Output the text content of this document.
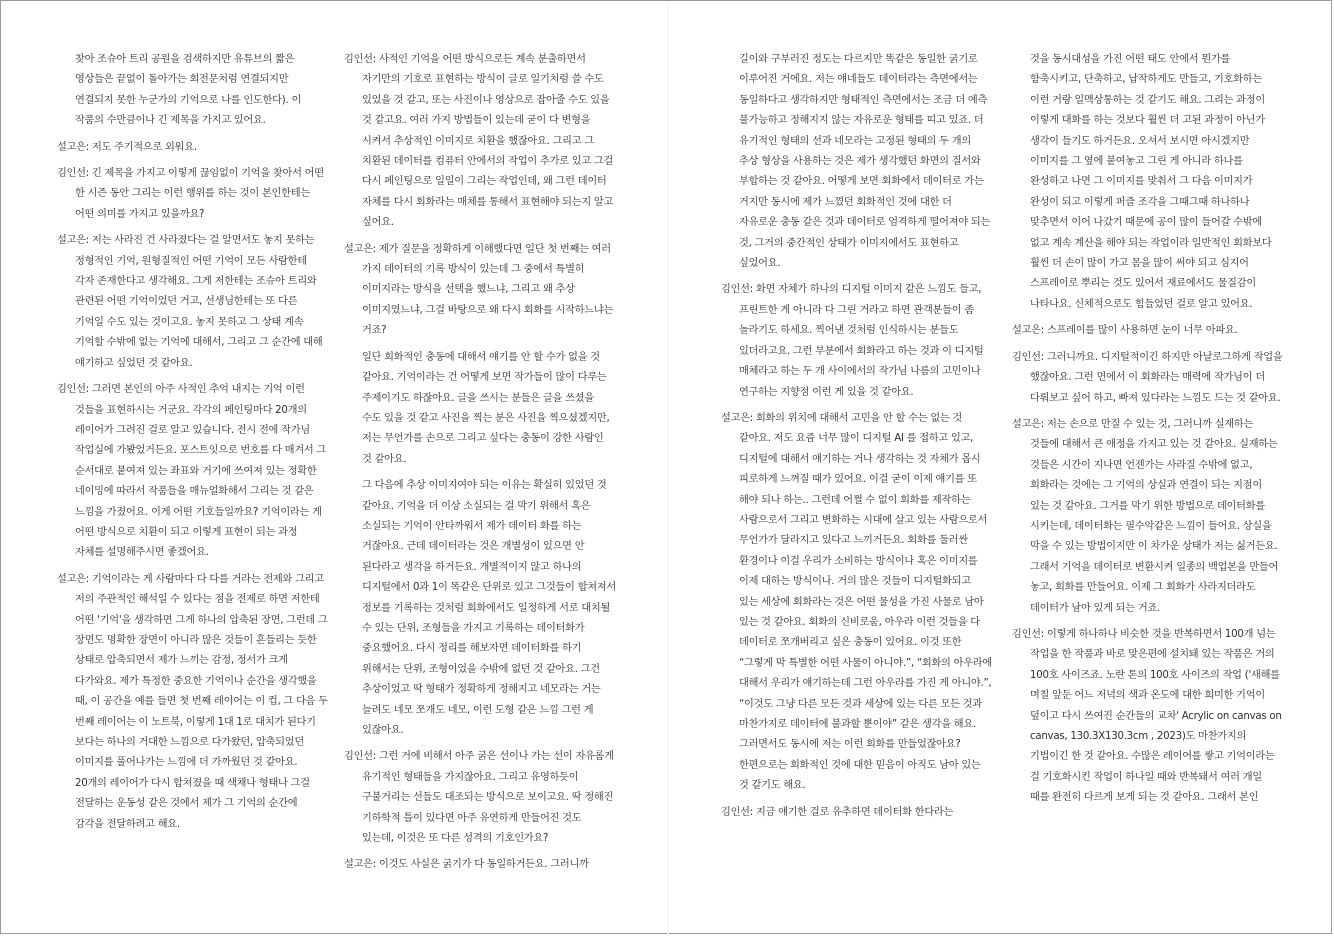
찾아 조슈아 트리 공원을 검색하지만 유튜브의 짧은 영상들은 끝없이 돌아가는 회전문처럼 연결되지만 연결되지 못한 누군가의 기억으로 나를 인도한다). 이 작품의 수만큼이나 긴 제목을 가지고 있어요.

설고은: 저도 주기적으로 외워요.

김인선: 긴 제목을 가지고 이렇게 끊임없이 기억을 찾아서 어떤 한 시즌 동안 그리는 이런 행위를 하는 것이 본인한테는 어떤 의미를 가지고 있을까요?

설고은: 저는 사라진 건 사라졌다는 걸 알면서도 놓지 못하는 정형적인 기억, 원형질적인 어떤 기억이 모든 사람한테 각자 존재한다고 생각해요. 그게 저한테는 조슈아 트리와 관련된 어떤 기억이었던 거고, 선생님한테는 또 다른 기억일 수도 있는 것이고요. 놓지 못하고 그 상태 계속 기억할 수밖에 없는 기억에 대해서, 그리고 그 순간에 대해 얘기하고 싶었던 것 같아요.

김인선: 그러면 본인의 아주 사적인 추억 내지는 기억 이런 것들을 표현하시는 거군요. 각각의 페인팅마다 20개의 레이어가 그려진 걸로 알고 있습니다. 전시 전에 작가님 작업실에 가봤었거든요. 포스트잇으로 번호를 다 매겨서 그 순서대로 붙여져 있는 좌표와 거기에 쓰여져 있는 정확한 네이밍에 따라서 작품들을 매뉴얼화해서 그리는 것 같은 느낌을 가졌어요. 이게 어떤 기호들일까요? 기억이라는 게 어떤 방식으로 치환이 되고 이렇게 표현이 되는 과정 자체를 설명해주시면 좋겠어요.

설고은: 기억이라는 게 사람마다 다 다를 거라는 전제와 그리고 저의 주관적인 해석일 수 있다는 점을 전제로 하면 저한테 어떤 '기억'을 생각하면 그게 하나의 압축된 장면, 그런데 그 장면도 명확한 장면이 아니라 많은 것들이 흔들리는 듯한 상태로 압축되면서 제가 느끼는 감정, 정서가 크게 다가와요. 제가 특정한 중요한 기억이나 순간을 생각했을 때, 이 공간을 예를 들면 첫 번째 레이어는 이 컵, 그 다음 두 번째 레이어는 이 노트북, 이렇게 1대 1로 대치가 된다기 보다는 하나의 거대한 느낌으로 다가왔던, 압축되었던 이미지를 풀어나가는 느낌에 더 가까웠던 것 같아요. 20개의 레이어가 다시 합쳐졌을 때 색채나 형태나 그걸 전달하는 운동성 같은 것에서 제가 그 기억의 순간에 감각을 전달하려고 해요.

김인선: 사적인 기억을 어떤 방식으로든 계속 분출하면서 자기만의 기호로 표현하는 방식이 글로 일기처럼 쓸 수도 있었을 것 같고, 또는 사진이나 영상으로 잡아줄 수도 있을 것 같고요. 여러 가지 방법들이 있는데 굳이 다 변형을 시켜서 추상적인 이미지로 치환을 했잖아요. 그리고 그 치환된 데이터를 컴퓨터 안에서의 작업이 추가로 있고 그걸 다시 페인팅으로 일일이 그리는 작업인데, 왜 그런 데이터 자체를 다시 회화라는 매체를 통해서 표현해야 되는지 알고 싶어요.

설고은: 제가 질문을 정확하게 이해했다면 일단 첫 번째는 여러 가지 데이터의 기록 방식이 있는데 그 중에서 특별히 이미지라는 방식을 선택을 했느냐, 그리고 왜 추상 이미지였느냐, 그걸 바탕으로 왜 다시 회화를 시작하느냐는 거죠?

일단 회화적인 충동에 대해서 얘기를 안 할 수가 없을 것 같아요. 기억이라는 건 어떻게 보면 작가들이 많이 다루는 주제이기도 하잖아요. 글을 쓰시는 분들은 글을 쓰셨을 수도 있을 것 같고 사진을 찍는 분은 사진을 찍으셨겠지만, 저는 무언가를 손으로 그리고 싶다는 충동이 강한 사람인 것 같아요.

그 다음에 추상 이미지여야 되는 이유는 확실히 있었던 것 같아요. 기억을 더 이상 소실되는 걸 막기 위해서 혹은 소실되는 기억이 안타까워서 제가 데이터 화를 하는 거잖아요. 근데 데이터라는 것은 개별성이 있으면 안 된다라고 생각을 하거든요. 개별적이지 않고 하나의 디지털에서 0과 1이 똑같은 단위로 있고 그것들이 합쳐져서 정보를 기록하는 것처럼 회화에서도 일정하게 서로 대치될 수 있는 단위, 조형들을 가지고 기록하는 데이터화가 중요했어요. 다시 정리를 해보자면 데이터화를 하기 위해서는 단위, 조형이었을 수밖에 없던 것 같아요. 그건 추상이었고 딱 형태가 정확하게 정해지고 네모라는 거는 늘려도 네모 쪼개도 네모, 이런 도형 같은 느낌 그런 게 있잖아요.

김인선: 그런 거에 비해서 아주 굵은 선이나 가는 선이 자유롭게 유기적인 형태들을 가지잖아요. 그리고 유영하듯이 구불거리는 선들도 대조되는 방식으로 보이고요. 딱 정해진 기하학적 틀이 있다면 아주 유연하게 만들어진 것도 있는데, 이것은 또 다른 성격의 기호인가요?

설고은: 이것도 사실은 굵기가 다 동일하거든요. 그러니까

길이와 구부러진 정도는 다르지만 똑같은 동일한 굵기로 이루어진 거에요. 저는 얘네들도 데이터라는 측면에서는 동일하다고 생각하지만 형태적인 측면에서는 조금 더 예측 불가능하고 정해지지 않는 자유로운 형태를 띠고 있죠. 더 유기적인 형태의 선과 네모라는 고정된 형태의 두 개의 추상 형상을 사용하는 것은 제가 생각했던 화면의 질서와 부합하는 것 같아요. 어떻게 보면 회화에서 데이터로 가는 거지만 동시에 제가 느꼈던 회화적인 것에 대한 더 자유로운 충동 같은 것과 데이터로 엄격하게 떨어져야 되는 것, 그거의 중간적인 상태가 이미지에서도 표현하고 싶었어요.

김인선: 화면 자체가 하나의 디지털 이미지 같은 느낌도 들고, 프린트한 게 아니라 다 그린 거라고 하면 관객분들이 좀 놀라기도 하세요. 찍어낸 것처럼 인식하시는 분들도 있더라고요. 그런 부분에서 회화라고 하는 것과 이 디지털 매체라고 하는 두 개 사이에서의 작가님 나름의 고민이나 연구하는 지향점 이런 게 있을 것 같아요.

설고은: 회화의 위치에 대해서 고민을 안 할 수는 없는 것 같아요. 저도 요즘 너무 많이 디지털 AI 를 접하고 있고, 디지털에 대해서 얘기하는 거나 생각하는 것 자체가 몹시 피로하게 느껴질 때가 있어요. 이걸 굳이 이제 얘기를 또 해야 되나 하는.. 그런데 어쩔 수 없이 회화를 제작하는 사람으로서 그리고 변화하는 시대에 살고 있는 사람으로서 무언가가 달라지고 있다고 느끼거든요. 회화를 둘러싼 환경이나 이걸 우리가 소비하는 방식이나 혹은 이미지를 이제 대하는 방식이나. 거의 많은 것들이 디지털화되고 있는 세상에 회화라는 것은 어떤 물성을 가진 사물로 남아 있는 것 같아요. 회화의 신비로움, 아우라 이런 것들을 다 데이터로 쪼개버리고 싶은 충동이 있어요. 이것 또한 “그렇게 막 특별한 어떤 사물이 아니야.”, “회화의 아우라에 대해서 우리가 얘기하는데 그런 아우라를 가진 게 아니야.”, “이것도 그냥 다른 모든 것과 세상에 있는 다른 모든 것과 마찬가지로 데이터에 불과할 뿐이야” 같은 생각을 해요. 그러면서도 동시에 저는 이런 회화를 만들었잖아요? 한편으로는 회화적인 것에 대한 믿음이 아직도 남아 있는 것 같기도 해요.

김인선: 지금 얘기한 걸로 유추하면 데이터화 한다라는

것을 동시대성을 가진 어떤 태도 안에서 뭔가를 함축시키고, 단축하고, 납작하게도 만들고, 기호화하는 이런 거랑 일맥상통하는 것 같기도 해요. 그리는 과정이 이렇게 대화를 하는 것보다 훨씬 더 고된 과정이 아닌가 생각이 들기도 하거든요. 오셔서 보시면 아시겠지만 이미지를 그 옆에 붙여놓고 그린 게 아니라 하나를 완성하고 나면 그 이미지를 맞춰서 그 다음 이미지가 완성이 되고 이렇게 퍼즐 조각을 그때그때 하나하나 맞추면서 이어 나갔기 때문에 공이 많이 들어갈 수밖에 없고 계속 계산을 해야 되는 작업이라 일반적인 회화보다 훨씬 더 손이 많이 가고 몸을 많이 써야 되고 심지어 스프레이로 뿌리는 것도 있어서 재료에서도 물질감이 나타나요. 신체적으로도 힘들었던 걸로 알고 있어요.

설고은: 스프레이를 많이 사용하면 눈이 너무 아파요.

김인선: 그러니까요. 디지털적이긴 하지만 아날로그하게 작업을 했잖아요. 그런 면에서 이 회화라는 매력에 작가님이 더 다뤄보고 싶어 하고, 빠져 있다라는 느낌도 드는 것 같아요.

설고은: 저는 손으로 만질 수 있는 것, 그러니까 실재하는 것들에 대해서 큰 애정을 가지고 있는 것 같아요. 실재하는 것들은 시간이 지나면 언젠가는 사라질 수밖에 없고, 회화라는 것에는 그 기억의 상실과 연결이 되는 지점이 있는 것 같아요. 그거를 막기 위한 방법으로 데이터화를 시키는데, 데이터화는 필수악같은 느낌이 들어요. 상실을 막을 수 있는 방법이지만 이 차가운 상태가 저는 싫거든요. 그래서 기억을 데이터로 변환시켜 일종의 백업본을 만들어 놓고, 회화를 만들어요. 이제 그 회화가 사라지더라도 데이터가 남아 있게 되는 거죠.

김인선: 이렇게 하나하나 비슷한 것을 반복하면서 100개 넘는 작업을 한 작품과 바로 맞은편에 설치돼 있는 작품은 거의 100호 사이즈죠. 노란 톤의 100호 사이즈의 작업 ('새해를 며칠 앞둔 어느 저녁의 색과 온도에 대한 희미한 기억이 덮이고 다시 쓰여진 순간들의 교차' Acrylic on canvas on canvas, 130.3X130.3cm , 2023)도 마찬가지의 기법이긴 한 것 같아요. 수많은 레이어를 쌓고 기억이라는 걸 기호화시킨 작업이 하나일 때와 반복돼서 여러 개일 때를 완전히 다르게 보게 되는 것 같아요. 그래서 본인
